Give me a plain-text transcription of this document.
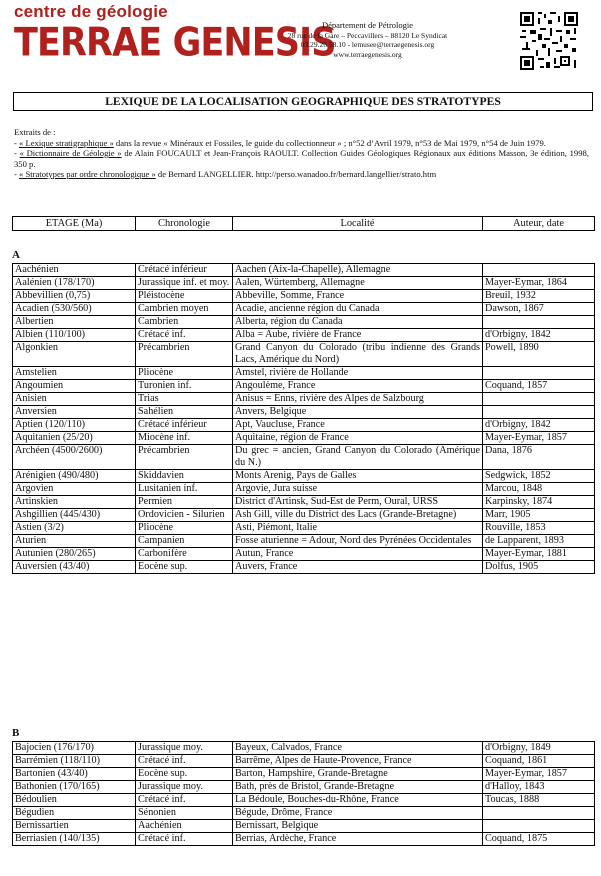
centre de géologie
TERRAE GENESIS
Département de Pétrologie
28 rue de la Gare – Peccavillers – 88120 Le Syndicat
03.29.26.58.10 - lemusee@terraegenesis.org
www.terraegenesis.org
LEXIQUE DE LA LOCALISATION GEOGRAPHIQUE DES STRATOTYPES

Extraits de :

- « Lexique stratigraphique » dans la revue « Minéraux et Fossiles, le guide du collectionneur » ; n°52 d’Avril 1979, n°53 de Mai 1979, n°54 de Juin 1979.

- « Dictionnaire de Géologie » de Alain FOUCAULT et Jean-François RAOULT. Collection Guides Géologiques Régionaux aux éditions Masson, 3e édition, 1998, 350 p.

- « Stratotypes par ordre chronologique » de Bernard LANGELLIER. http://perso.wanadoo.fr/bernard.langellier/strato.htm

ETAGE (Ma)	Chronologie	Localité	Auteur, date
A
Aachénien	Crétacé inférieur	Aachen (Aix-la-Chapelle), Allemagne	
Aalénien (178/170)	Jurassique inf. et moy.	Aalen, Würtemberg, Allemagne	Mayer-Eymar, 1864
Abbevillien (0,75)	Pléistocène	Abbeville, Somme, France	Breuil, 1932
Acadien (530/560)	Cambrien moyen	Acadie, ancienne région du Canada	Dawson, 1867
Albertien	Cambrien	Alberta, région du Canada	
Albien (110/100)	Crétacé inf.	Alba = Aube, rivière de France	d'Orbigny, 1842
Algonkien	Précambrien	Grand Canyon du Colorado (tribu indienne des Grands Lacs, Amérique du Nord)	Powell, 1890
Amstelien	Pliocène	Amstel, rivière de Hollande	
Angoumien	Turonien inf.	Angoulème, France	Coquand, 1857
Anisien	Trias	Anisus = Enns, rivière des Alpes de Salzbourg	
Anversien	Sahélien	Anvers, Belgique	
Aptien (120/110)	Crétacé inférieur	Apt, Vaucluse, France	d'Orbigny, 1842
Aquitanien (25/20)	Miocène inf.	Aquitaine, région de France	Mayer-Eymar, 1857
Archéen (4500/2600)	Précambrien	Du grec = ancien, Grand Canyon du Colorado (Amérique du N.)	Dana, 1876
Arénigien (490/480)	Skiddavien	Monts Arenig, Pays de Galles	Sedgwick, 1852
Argovien	Lusitanien inf.	Argovie, Jura suisse	Marcou, 1848
Artinskien	Permien	District d'Artinsk, Sud-Est de Perm, Oural, URSS	Karpinsky, 1874
Ashgillien (445/430)	Ordovicien - Silurien	Ash Gill, ville du District des Lacs (Grande-Bretagne)	Marr, 1905
Astien (3/2)	Pliocène	Asti, Piémont, Italie	Rouville, 1853
Aturien	Campanien	Fosse aturienne = Adour, Nord des Pyrénées Occidentales	de Lapparent, 1893
Autunien (280/265)	Carbonifère	Autun, France	Mayer-Eymar, 1881
Auversien (43/40)	Eocène sup.	Auvers, France	Dolfus, 1905
B
Bajocien (176/170)	Jurassique moy.	Bayeux, Calvados, France	d'Orbigny, 1849
Barrémien (118/110)	Crétacé inf.	Barrême, Alpes de Haute-Provence, France	Coquand, 1861
Bartonien (43/40)	Eocène sup.	Barton, Hampshire, Grande-Bretagne	Mayer-Eymar, 1857
Bathonien (170/165)	Jurassique moy.	Bath, près de Bristol, Grande-Bretagne	d'Halloy, 1843
Bédoulien	Crétacé inf.	La Bédoule, Bouches-du-Rhône, France	Toucas, 1888
Bégudien	Sénonien	Bégude, Drôme, France	
Bernissartien	Aachénien	Bernissart, Belgique	
Berriasien (140/135)	Crétacé inf.	Berrias, Ardèche, France	Coquand, 1875
